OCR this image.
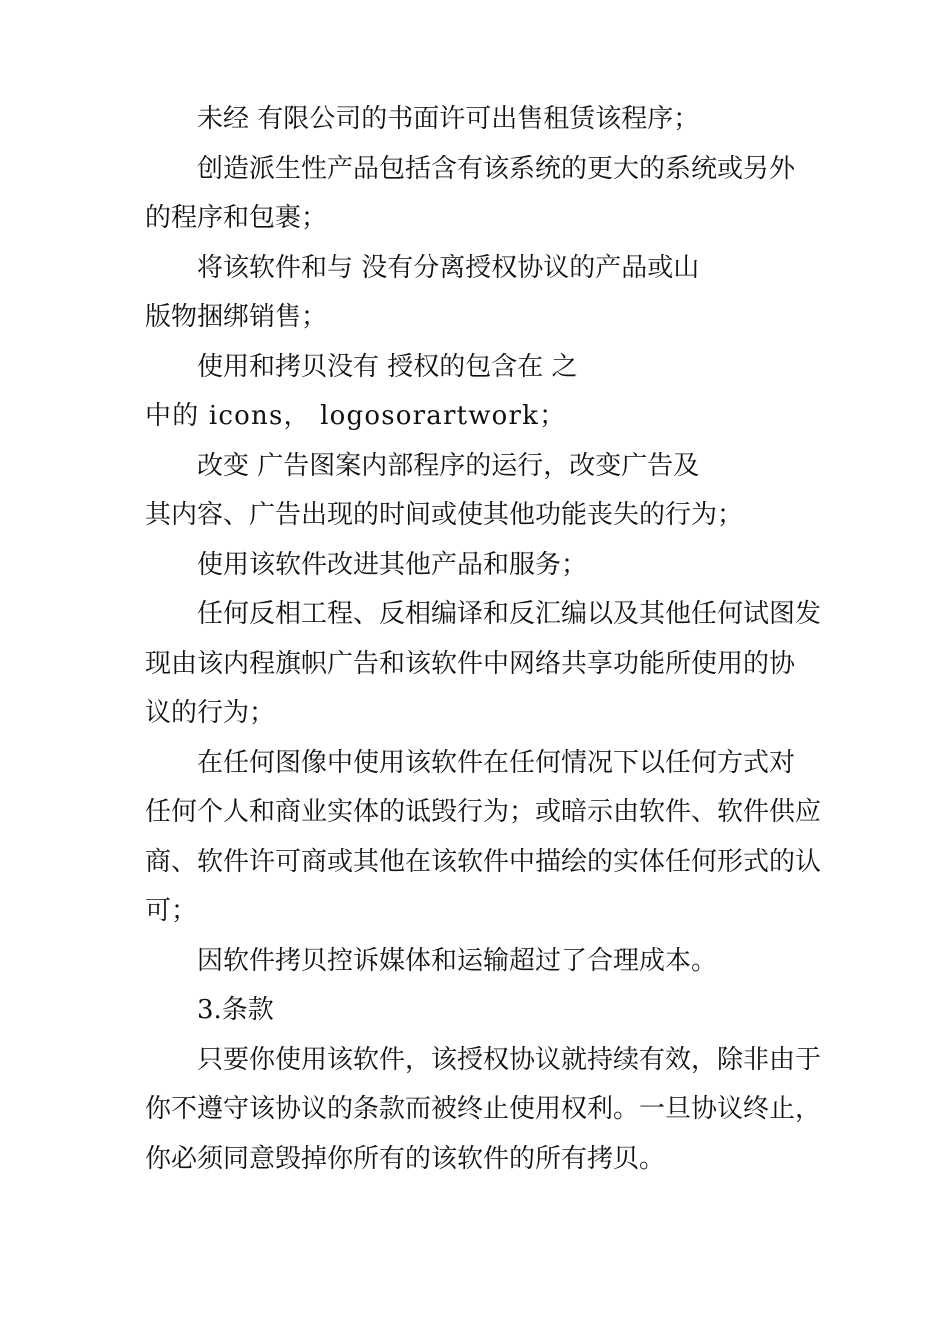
未经 有限公司的书面许可出售租赁该程序；
创造派生性产品包括含有该系统的更大的系统或另外
的程序和包裹；
将该软件和与 没有分离授权协议的产品或山
版物捆绑销售；
使用和拷贝没有 授权的包含在 之
中的 icons， logosorartwork；
改变 广告图案内部程序的运行，改变广告及
其内容、广告出现的时间或使其他功能丧失的行为；
使用该软件改进其他产品和服务；
任何反相工程、反相编译和反汇编以及其他任何试图发
现由该内程旗帜广告和该软件中网络共享功能所使用的协
议的行为；
在任何图像中使用该软件在任何情况下以任何方式对
任何个人和商业实体的诋毁行为；或暗示由软件、软件供应
商、软件许可商或其他在该软件中描绘的实体任何形式的认
可；
因软件拷贝控诉媒体和运输超过了合理成本。
3.条款
只要你使用该软件，该授权协议就持续有效，除非由于
你不遵守该协议的条款而被终止使用权利。一旦协议终止，
你必须同意毁掉你所有的该软件的所有拷贝。
